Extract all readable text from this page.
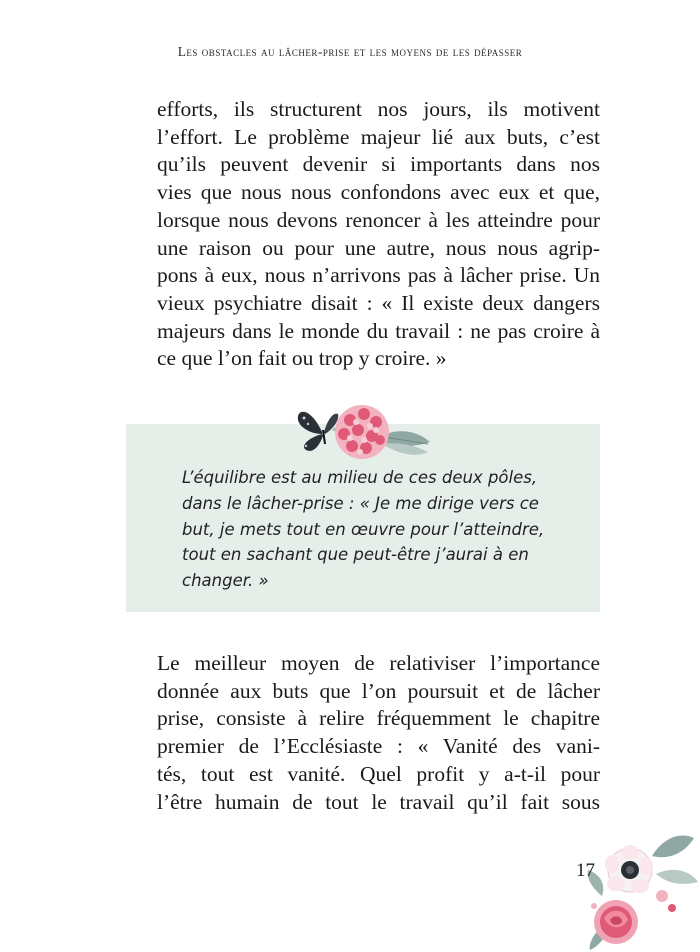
Les obstacles au lâcher-prise et les moyens de les dépasser
efforts, ils structurent nos jours, ils motivent
l’effort. Le problème majeur lié aux buts, c’est
qu’ils peuvent devenir si importants dans nos
vies que nous nous confondons avec eux et que,
lorsque nous devons renoncer à les atteindre pour
une raison ou pour une autre, nous nous agrip-
pons à eux, nous n’arrivons pas à lâcher prise. Un
vieux psychiatre disait : « Il existe deux dangers
majeurs dans le monde du travail : ne pas croire à
ce que l’on fait ou trop y croire. »
L’équilibre est au milieu de ces deux pôles,
dans le lâcher-prise : « Je me dirige vers ce
but, je mets tout en œuvre pour l’atteindre,
tout en sachant que peut-être j’aurai à en
changer. »
Le meilleur moyen de relativiser l’importance
donnée aux buts que l’on poursuit et de lâcher
prise, consiste à relire fréquemment le chapitre
premier de l’Ecclésiaste : « Vanité des vani-
tés, tout est vanité. Quel profit y a-t-il pour
l’être humain de tout le travail qu’il fait sous
17
